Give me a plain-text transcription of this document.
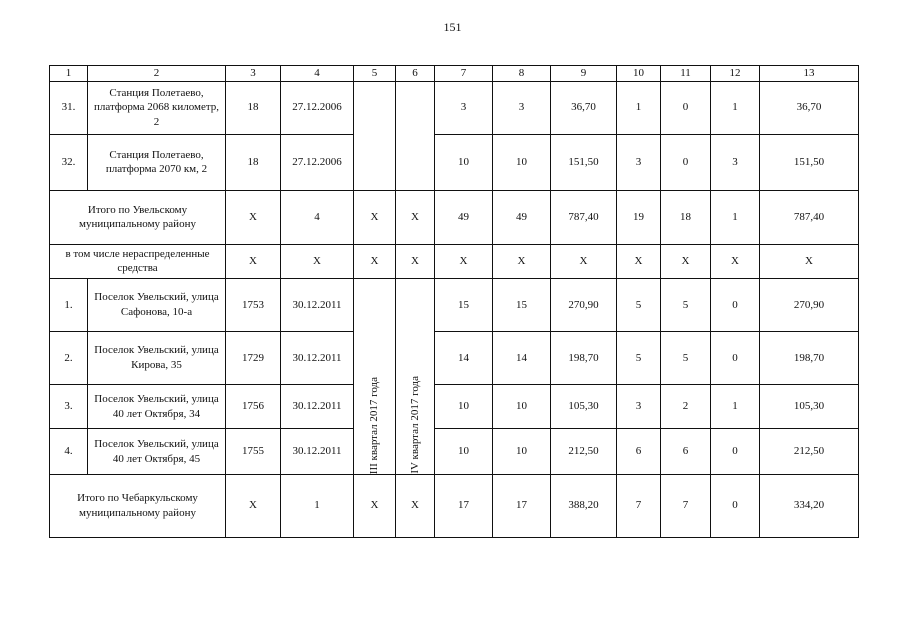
151
1	2	3	4	5	6	7	8	9	10	11	12	13
31.	Станция Полетаево, платформа 2068 километр, 2	18	27.12.2006			3	3	36,70	1	0	1	36,70
32.	Станция Полетаево, платформа 2070 км, 2	18	27.12.2006			10	10	151,50	3	0	3	151,50
Итого по Увельскому муниципальному району		X	4	X	X	49	49	787,40	19	18	1	787,40
в том числе нераспределенные средства		X	X	X	X	X	X	X	X	X	X	X
1.	Поселок Увельский, улица Сафонова, 10-а	1753	30.12.2011	III квартал 2017 года	IV квартал 2017 года	15	15	270,90	5	5	0	270,90
2.	Поселок Увельский, улица Кирова, 35	1729	30.12.2011			14	14	198,70	5	5	0	198,70
3.	Поселок Увельский, улица 40 лет Октября, 34	1756	30.12.2011			10	10	105,30	3	2	1	105,30
4.	Поселок Увельский, улица 40 лет Октября, 45	1755	30.12.2011			10	10	212,50	6	6	0	212,50
Итого по Чебаркульскому муниципальному району		X	1	X	X	17	17	388,20	7	7	0	334,20
